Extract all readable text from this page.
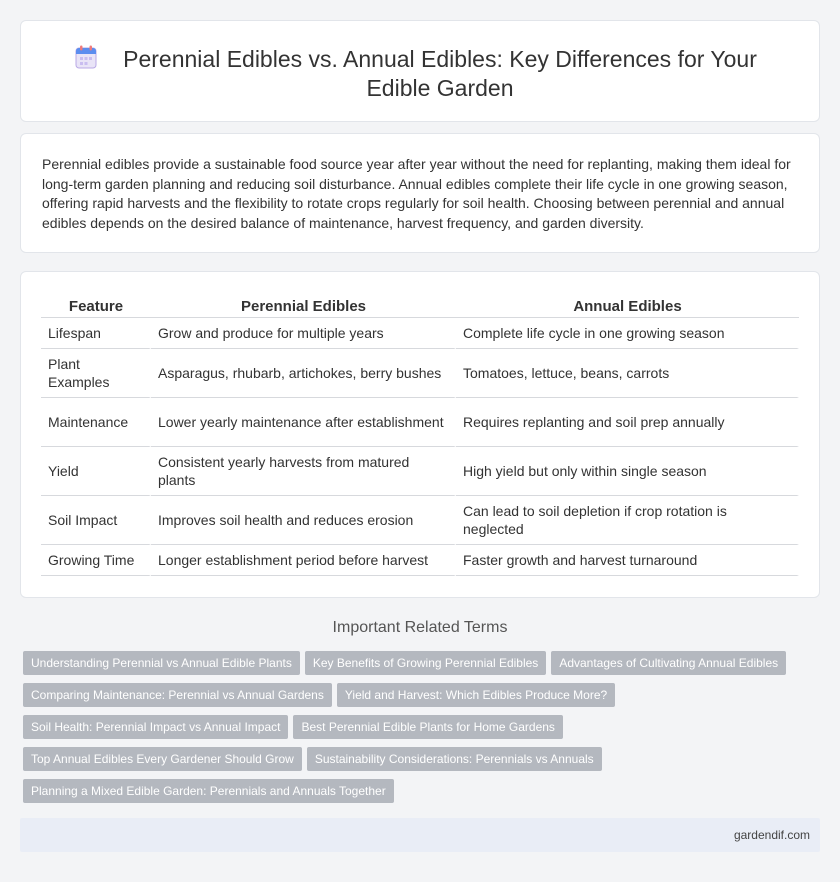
Perennial Edibles vs. Annual Edibles: Key Differences for Your Edible Garden

Perennial edibles provide a sustainable food source year after year without the need for replanting, making them ideal for long-term garden planning and reducing soil disturbance. Annual edibles complete their life cycle in one growing season, offering rapid harvests and the flexibility to rotate crops regularly for soil health. Choosing between perennial and annual edibles depends on the desired balance of maintenance, harvest frequency, and garden diversity.

Feature	Perennial Edibles	Annual Edibles
Lifespan	Grow and produce for multiple years	Complete life cycle in one growing season
Plant Examples	Asparagus, rhubarb, artichokes, berry bushes	Tomatoes, lettuce, beans, carrots
Maintenance	Lower yearly maintenance after establishment	Requires replanting and soil prep annually
Yield	Consistent yearly harvests from matured plants	High yield but only within single season
Soil Impact	Improves soil health and reduces erosion	Can lead to soil depletion if crop rotation is neglected
Growing Time	Longer establishment period before harvest	Faster growth and harvest turnaround
Important Related Terms
Understanding Perennial vs Annual Edible Plants Key Benefits of Growing Perennial Edibles Advantages of Cultivating Annual Edibles
Comparing Maintenance: Perennial vs Annual Gardens Yield and Harvest: Which Edibles Produce More?
Soil Health: Perennial Impact vs Annual Impact Best Perennial Edible Plants for Home Gardens
Top Annual Edibles Every Gardener Should Grow Sustainability Considerations: Perennials vs Annuals
Planning a Mixed Edible Garden: Perennials and Annuals Together
gardendif.com
